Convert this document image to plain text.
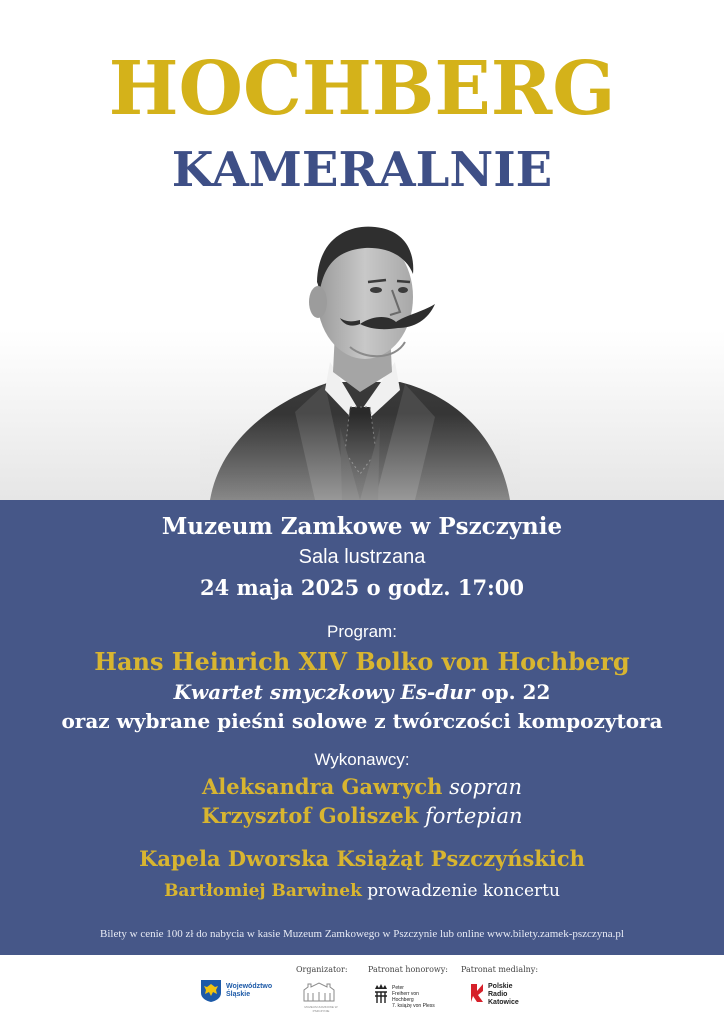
HOCHBERG
KAMERALNIE
Muzeum Zamkowe w Pszczynie
Sala lustrzana
24 maja 2025 o godz. 17:00
Program:
Hans Heinrich XIV Bolko von Hochberg
Kwartet smyczkowy Es-dur op. 22
oraz wybrane pieśni solowe z twórczości kompozytora
Wykonawcy:
Aleksandra Gawrych sopran
Krzysztof Goliszek fortepian
Kapela Dworska Książąt Pszczyńskich
Bartłomiej Barwinek prowadzenie koncertu
Bilety w cenie 100 zł do nabycia w kasie Muzeum Zamkowego w Pszczynie lub online www.bilety.zamek-pszczyna.pl
Województwo
Śląskie
Organizator:
MUZEUM ZAMKOWE W PSZCZYNIE
Patronat honorowy:
Peter
Freiherr von Hochberg
7. książę von Pless
Patronat medialny:
Polskie
Radio
Katowice
